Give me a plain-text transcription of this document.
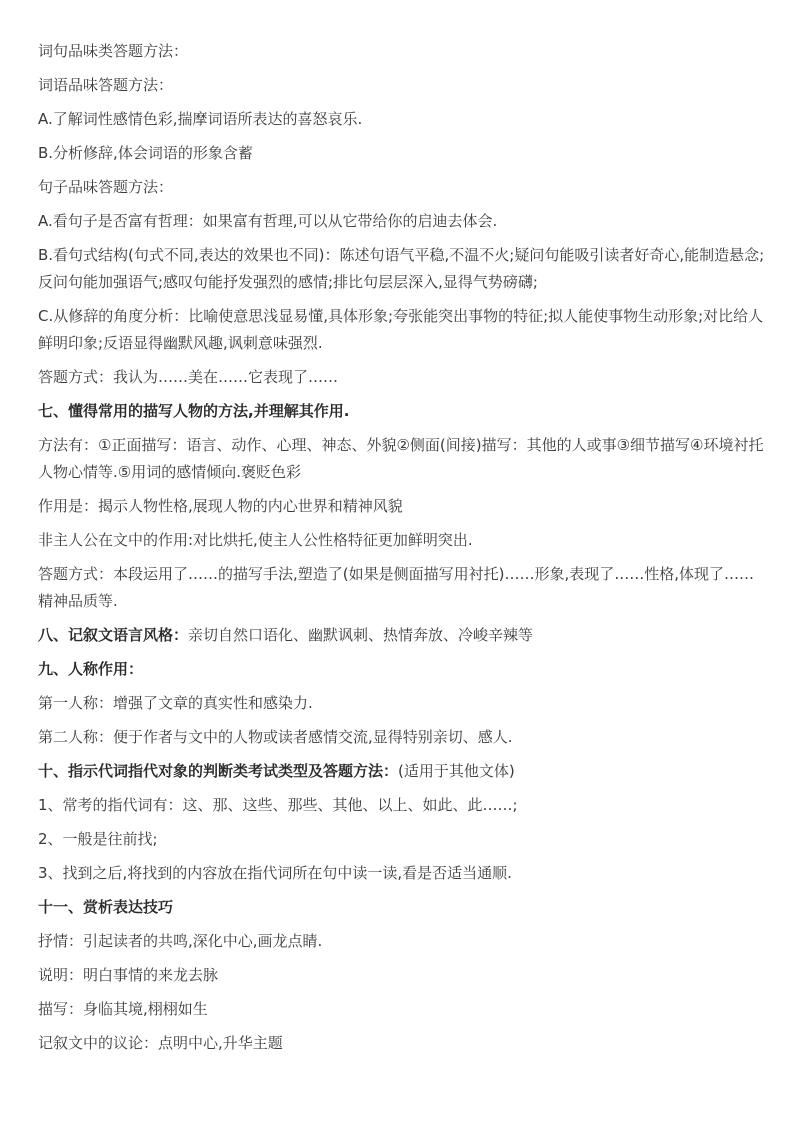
词句品味类答题方法：
词语品味答题方法：
A.了解词性感情色彩,揣摩词语所表达的喜怒哀乐.
B.分析修辞,体会词语的形象含蓄
句子品味答题方法：
A.看句子是否富有哲理：如果富有哲理,可以从它带给你的启迪去体会.
B.看句式结构(句式不同,表达的效果也不同)：陈述句语气平稳,不温不火;疑问句能吸引读者好奇心,能制造悬念;反问句能加强语气;感叹句能抒发强烈的感情;排比句层层深入,显得气势磅礴;
C.从修辞的角度分析：比喻使意思浅显易懂,具体形象;夸张能突出事物的特征;拟人能使事物生动形象;对比给人鲜明印象;反语显得幽默风趣,讽刺意味强烈.
答题方式：我认为……美在……它表现了……
七、懂得常用的描写人物的方法,并理解其作用.
方法有：①正面描写：语言、动作、心理、神态、外貌②侧面(间接)描写：其他的人或事③细节描写④环境衬托人物心情等.⑤用词的感情倾向.褒贬色彩
作用是：揭示人物性格,展现人物的内心世界和精神风貌
非主人公在文中的作用:对比烘托,使主人公性格特征更加鲜明突出.
答题方式：本段运用了……的描写手法,塑造了(如果是侧面描写用衬托)……形象,表现了……性格,体现了……精神品质等.
八、记叙文语言风格：亲切自然口语化、幽默讽刺、热情奔放、冷峻辛辣等
九、人称作用：
第一人称：增强了文章的真实性和感染力.
第二人称：便于作者与文中的人物或读者感情交流,显得特别亲切、感人.
十、指示代词指代对象的判断类考试类型及答题方法：(适用于其他文体)
1、常考的指代词有：这、那、这些、那些、其他、以上、如此、此……;
2、一般是往前找;
3、找到之后,将找到的内容放在指代词所在句中读一读,看是否适当通顺.
十一、赏析表达技巧
抒情：引起读者的共鸣,深化中心,画龙点睛.
说明：明白事情的来龙去脉
描写：身临其境,栩栩如生
记叙文中的议论：点明中心,升华主题
